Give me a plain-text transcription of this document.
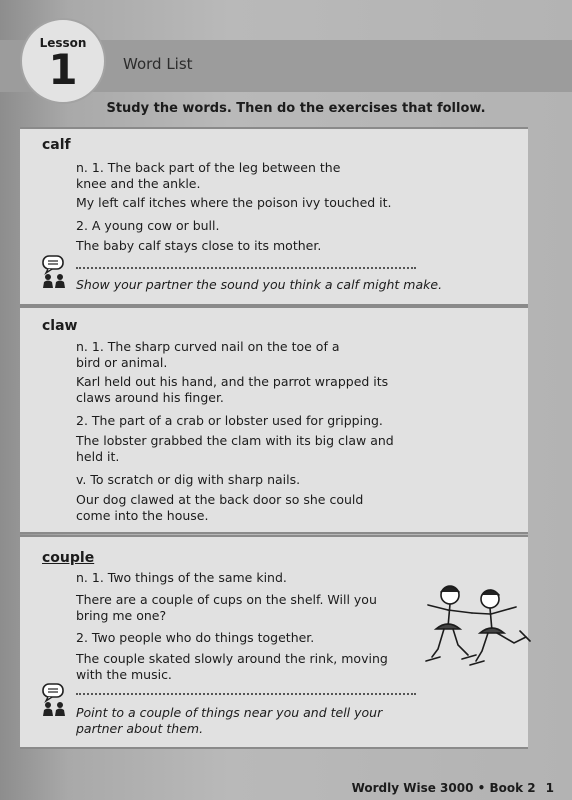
Lesson
1	Word List
Study the words. Then do the exercises that follow.
calf
n. 1. The back part of the leg between the
knee and the ankle.
My left calf itches where the poison ivy touched it.
2. A young cow or bull.
The baby calf stays close to its mother.
Show your partner the sound you think a calf might make.
claw
n. 1. The sharp curved nail on the toe of a
bird or animal.
Karl held out his hand, and the parrot wrapped its
claws around his finger.
2. The part of a crab or lobster used for gripping.
The lobster grabbed the clam with its big claw and
held it.
v. To scratch or dig with sharp nails.
Our dog clawed at the back door so she could
come into the house.
couple
n. 1. Two things of the same kind.
There are a couple of cups on the shelf. Will you
bring me one?
2. Two people who do things together.
The couple skated slowly around the rink, moving
with the music.
Point to a couple of things near you and tell your
partner about them.
Wordly Wise 3000 • Book 2 1
